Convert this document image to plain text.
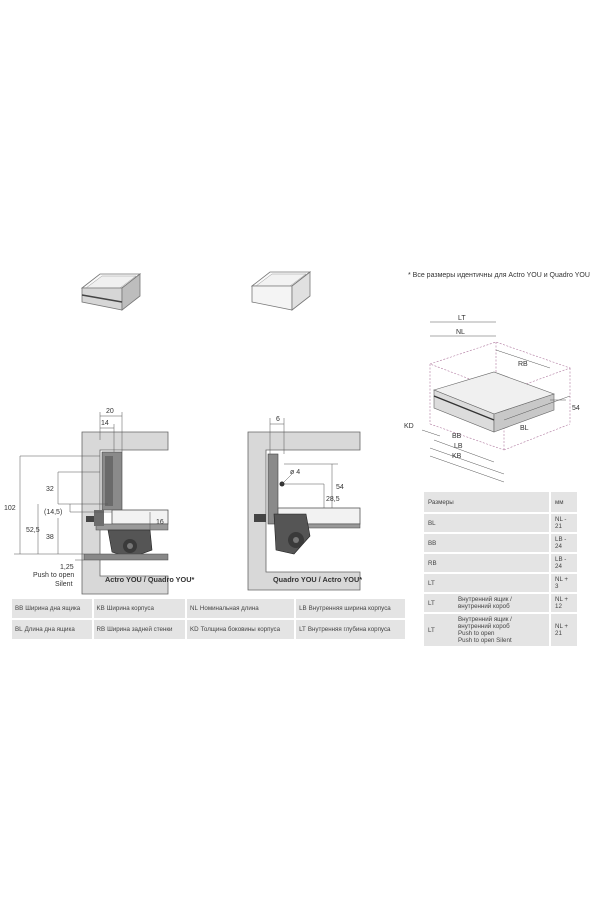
* Все размеры идентичны для Actro YOU и Quadro YOU
20
14
102
32
(14,5)
52,5
38
16
1,25
Push to open
Silent
Actro YOU / Quadro YOU*
6
ø 4
54
28,5
Quadro YOU / Actro YOU*
LT
NL
RB
54
KD
BB
LB
BL
KB
BB Ширина дна ящика	KB Ширина корпуса	NL Номинальная длина	LB Внутренняя ширина корпуса
BL Длина дна ящика	RB Ширина задней стенки	KD Толщина боковины корпуса	LT Внутренняя глубина корпуса
Размеры		мм
BL		NL - 21
BB		LB - 24
RB		LB - 24
LT		NL + 3
LT	Внутренний ящик /
внутренний короб	NL + 12
LT	Внутренний ящик /
внутренний короб
Push to open
Push to open Silent	NL + 21
